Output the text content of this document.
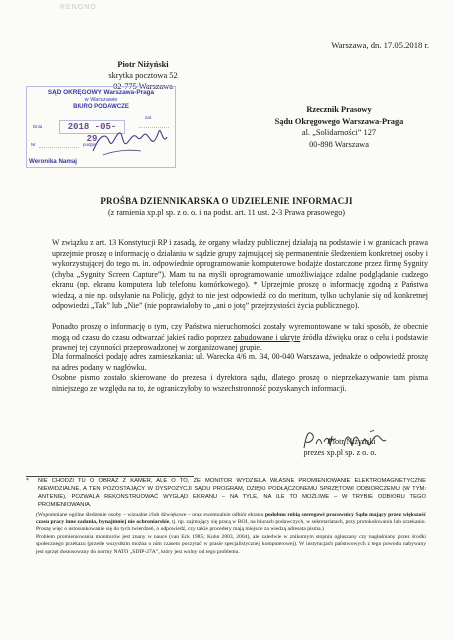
RENONO
Warszawa, dn. 17.05.2018 r.
Piotr Niżyński
skrytka pocztowa 52
02-775 Warszawa
SĄD OKRĘGOWY Warszawa-Praga
w Warszawie
BIURO PODAWCZE
Dnia	2018 -05- 29
zał.
Nr	podpis
Weronika Namaj
Rzecznik Prasowy
Sądu Okręgowego Warszawa-Praga
al. „Solidarności” 127
00-898 Warszawa
PROŚBA DZIENNIKARSKA O UDZIELENIE INFORMACJI
(z ramienia xp.pl sp. z o. o. i na podst. art. 11 ust. 2-3 Prawa prasowego)

W związku z art. 13 Konstytucji RP i zasadą, że organy władzy publicznej działają na podstawie i w granicach prawa uprzejmie proszę o informację o działaniu w sądzie grupy zajmującej się permanentnie śledzeniem konkretnej osoby i wykorzystującej do tego m. in. odpowiednie oprogramowanie komputerowe bodajże dostarczone przez firmę Sygnity (chyba „Sygnity Screen Capture”). Mam tu na myśli oprogramowanie umożliwiające zdalne podglądanie cudzego ekranu (np. ekranu komputera lub telefonu komórkowego). * Uprzejmie proszę o informację zgodną z Państwa wiedzą, a nie np. odsyłanie na Policję, gdyż to nie jest odpowiedź co do meritum, tylko uchylanie się od konkretnej odpowiedzi „Tak” lub „Nie” (nie poprawiałoby to „ani o jotę” przejrzystości życia publicznego).

Ponadto proszę o informację o tym, czy Państwa nieruchomości zostały wyremontowane w taki sposób, że obecnie mogą od czasu do czasu odtwarzać jakieś radio poprzez zabudowane i ukryte źródła dźwięku oraz o celu i podstawie prawnej tej czynności przeprowadzonej w zorganizowanej grupie.

Dla formalności podaję adres zamieszkania: ul. Warecka 4/6 m. 34, 00-040 Warszawa, jednakże o odpowiedź proszę na adres podany w nagłówku.

Osobne pismo zostało skierowane do prezesa i dyrektora sądu, dlatego proszę o nieprzekazywanie tam pisma niniejszego ze względu na to, że ograniczyłoby to wszechstronność pozyskanych informacji.

Piotr Niżyński
prezes xp.pl sp. z o. o.
*	NIE CHODZI TU O OBRAZ Z KAMER, ALE O TO, ŻE MONITOR WYDZIELA WŁASNE PROMIENIOWANIE ELEKTROMAGNETYCZNE NIEWIDZIALNE, A TEN POZOSTAJĄCY W DYSPOZYCJI SĄDU PROGRAM, DZIĘKI PODŁĄCZONEMU SPRZĘTOWI ODBIORCZEMU (W TYM: ANTENIE), POZWALA REKONSTRUOWAĆ WYGLĄD EKRANU – NA TYLE, NA ILE TO MOŻLIWE – W TRYBIE ODBIORU TEGO PROMIENIOWANIA.
(Wspomniane ogólne śledzenie osoby – wizualne i/lub dźwiękowe – oraz ewentualnie odbiór ekranu podobno robią szeregowi pracownicy Sądu mający przez większość czasu pracy inne zadania, bynajmniej nie ochroniarskie, tj. np. zajmujący się pracą w BOI, na biurach podawczych, w sekretariatach, przy protokołowaniu lub orzekaniu. Proszę więc o ustosunkowanie się do tych twierdzeń, o odpowiedź, czy takie procedery mają miejsce za wiedzą adresata pisma.)
Problem promieniowania monitorów jest znany w nauce (van Eck 1985; Kuhn 2003, 2004), ale zaledwie w znikomym stopniu ogłaszany czy nagłaśniany przez środki społecznego przekazu (przede wszystkim można o nim czasem poczytać w prasie specjalistycznej komputerowej). W instytucjach państwowych z tego powodu nabywany jest sprzęt dostosowany do normy NATO „SDIP-27A”, który jest wolny od tego problemu.
